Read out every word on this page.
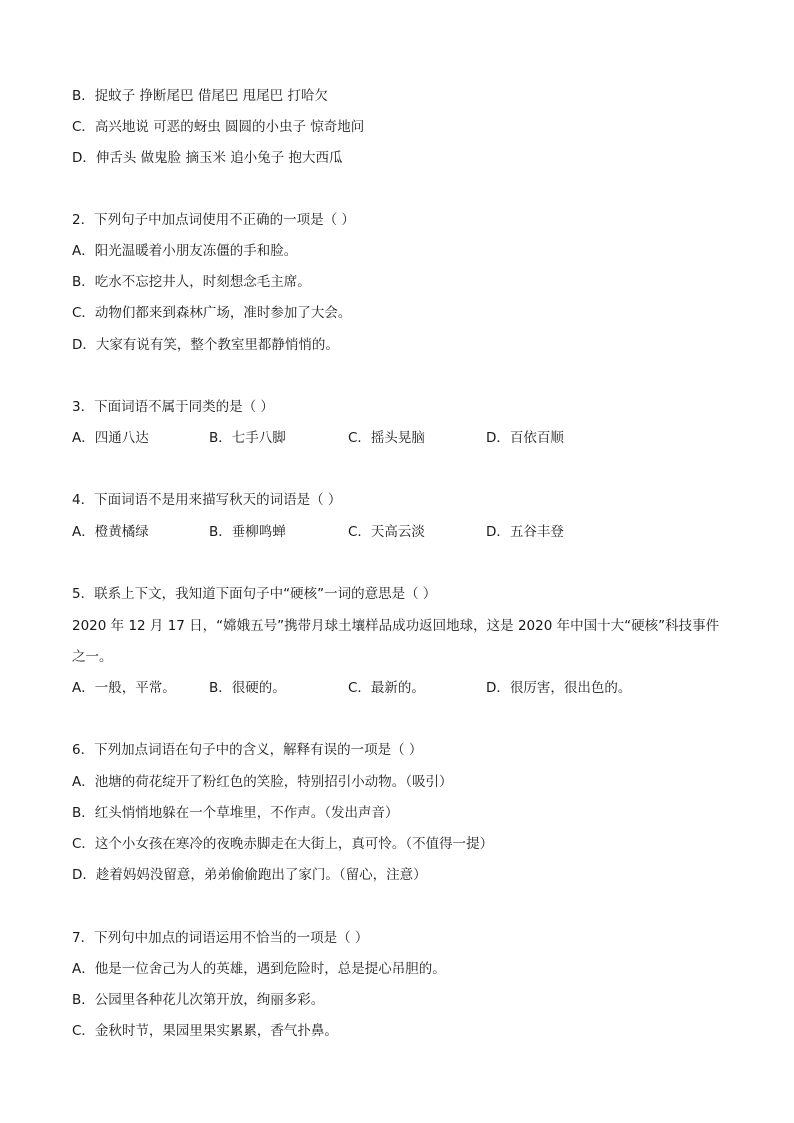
B．捉蚊子 挣断尾巴 借尾巴 甩尾巴 打哈欠
C．高兴地说 可恶的蚜虫 圆圆的小虫子 惊奇地问
D．伸舌头 做鬼脸 摘玉米 追小兔子 抱大西瓜
2．下列句子中加点词使用不正确的一项是（ ）
A．阳光温暖着小朋友冻僵的手和脸。
B．吃水不忘挖井人，时刻想念毛主席。
C．动物们都来到森林广场，准时参加了大会。
D．大家有说有笑，整个教室里都静悄悄的。
3．下面词语不属于同类的是（ ）
A．四通八达	B．七手八脚	C．摇头晃脑	D．百依百顺
4．下面词语不是用来描写秋天的词语是（ ）
A．橙黄橘绿	B．垂柳鸣蝉	C．天高云淡	D．五谷丰登
5．联系上下文，我知道下面句子中“硬核”一词的意思是（ ）
2020 年 12 月 17 日，“嫦娥五号”携带月球土壤样品成功返回地球，这是 2020 年中国十大“硬核”科技事件之一。
A．一般，平常。 B．很硬的。	C．最新的。	D．很厉害，很出色的。
6．下列加点词语在句子中的含义，解释有误的一项是（ ）
A．池塘的荷花绽开了粉红色的笑脸，特别招引小动物。（吸引）
B．红头悄悄地躲在一个草堆里，不作声。（发出声音）
C．这个小女孩在寒冷的夜晚赤脚走在大街上，真可怜。（不值得一提）
D．趁着妈妈没留意，弟弟偷偷跑出了家门。（留心，注意）
7．下列句中加点的词语运用不恰当的一项是（ ）
A．他是一位舍己为人的英雄，遇到危险时，总是提心吊胆的。
B．公园里各种花儿次第开放，绚丽多彩。
C．金秋时节，果园里果实累累，香气扑鼻。
